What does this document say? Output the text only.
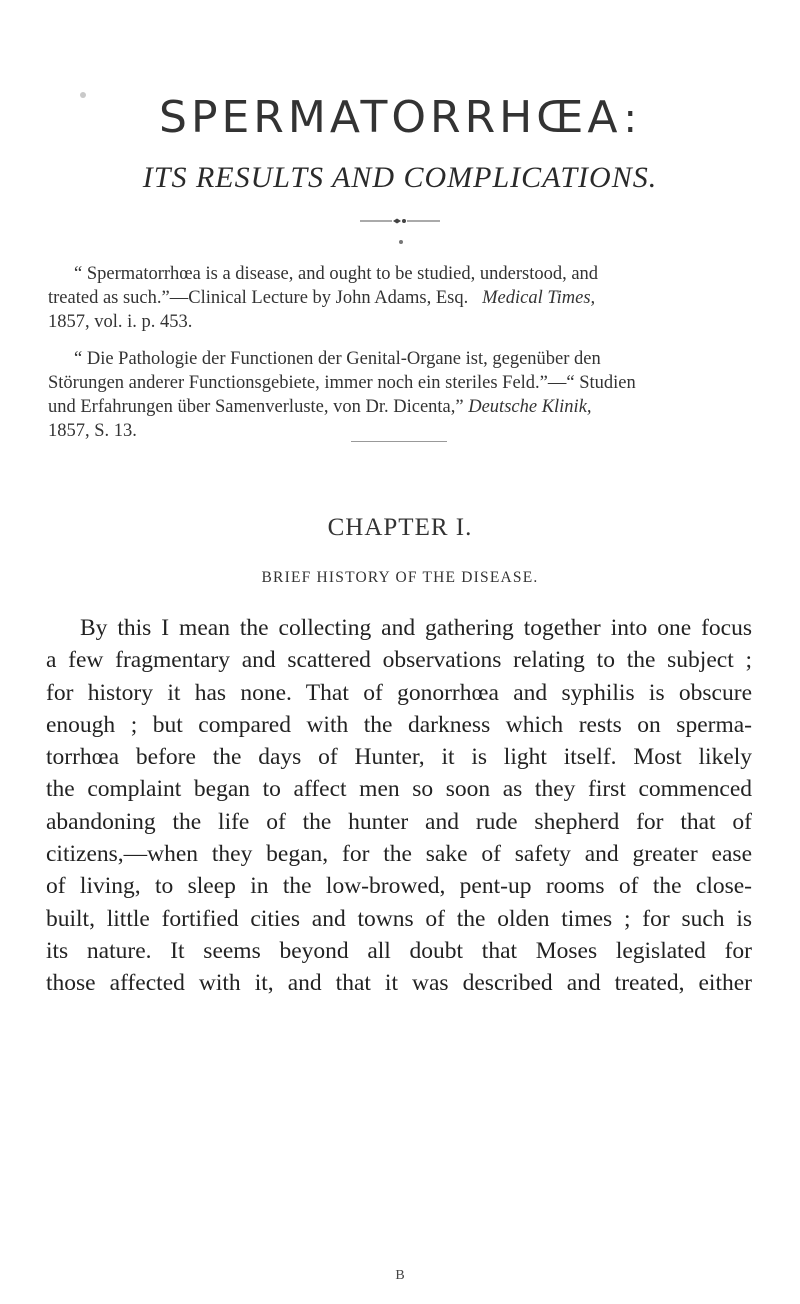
SPERMATORRHŒA:
ITS RESULTS AND COMPLICATIONS.
“ Spermatorrhœa is a disease, and ought to be studied, understood, and
treated as such.”—Clinical Lecture by John Adams, Esq. Medical Times,
1857, vol. i. p. 453.
“ Die Pathologie der Functionen der Genital-Organe ist, gegenüber den
Störungen anderer Functionsgebiete, immer noch ein steriles Feld.”—“ Studien
und Erfahrungen über Samenverluste, von Dr. Dicenta,” Deutsche Klinik,
1857, S. 13.
CHAPTER I.
BRIEF HISTORY OF THE DISEASE.
By this I mean the collecting and gathering together into one focus
a few fragmentary and scattered observations relating to the subject ;
for history it has none. That of gonorrhœa and syphilis is obscure
enough ; but compared with the darkness which rests on sperma-
torrhœa before the days of Hunter, it is light itself. Most likely
the complaint began to affect men so soon as they first commenced
abandoning the life of the hunter and rude shepherd for that of
citizens,—when they began, for the sake of safety and greater ease
of living, to sleep in the low-browed, pent-up rooms of the close-
built, little fortified cities and towns of the olden times ; for such is
its nature. It seems beyond all doubt that Moses legislated for
those affected with it, and that it was described and treated, either
B
